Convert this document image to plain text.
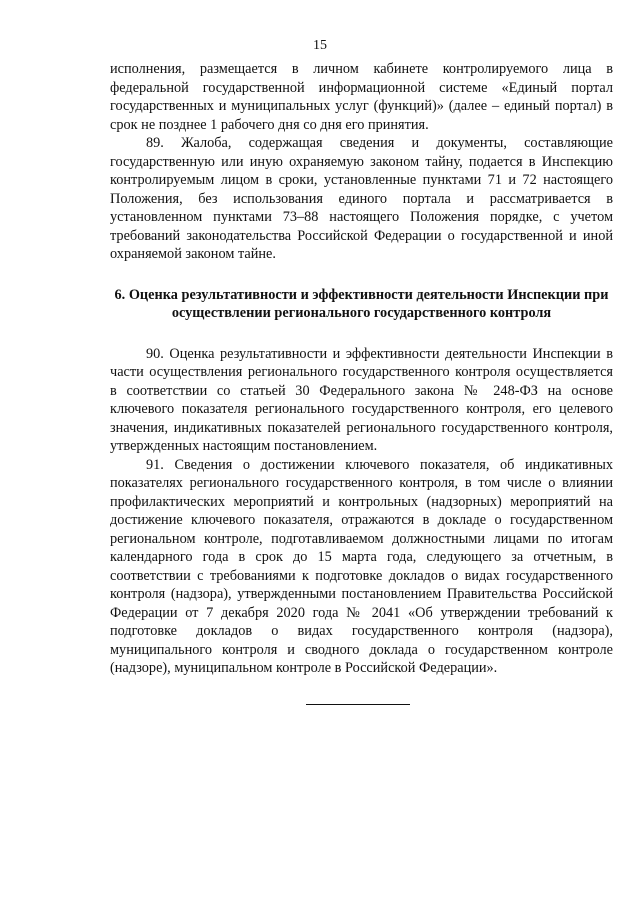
15

исполнения, размещается в личном кабинете контролируемого лица в федеральной государственной информационной системе «Единый портал государственных и муниципальных услуг (функций)» (далее – единый портал) в срок не позднее 1 рабочего дня со дня его принятия.

89. Жалоба, содержащая сведения и документы, составляющие государственную или иную охраняемую законом тайну, подается в Инспекцию контролируемым лицом в сроки, установленные пунктами 71 и 72 настоящего Положения, без использования единого портала и рассматривается в установленном пунктами 73–88 настоящего Положения порядке, с учетом требований законодательства Российской Федерации о государственной и иной охраняемой законом тайне.

6. Оценка результативности и эффективности деятельности Инспекции при осуществлении регионального государственного контроля

90. Оценка результативности и эффективности деятельности Инспекции в части осуществления регионального государственного контроля осуществляется в соответствии со статьей 30 Федерального закона № 248-ФЗ на основе ключевого показателя регионального государственного контроля, его целевого значения, индикативных показателей регионального государственного контроля, утвержденных настоящим постановлением.

91. Сведения о достижении ключевого показателя, об индикативных показателях регионального государственного контроля, в том числе о влиянии профилактических мероприятий и контрольных (надзорных) мероприятий на достижение ключевого показателя, отражаются в докладе о государственном региональном контроле, подготавливаемом должностными лицами по итогам календарного года в срок до 15 марта года, следующего за отчетным, в соответствии с требованиями к подготовке докладов о видах государственного контроля (надзора), утвержденными постановлением Правительства Российской Федерации от 7 декабря 2020 года № 2041 «Об утверждении требований к подготовке докладов о видах государственного контроля (надзора), муниципального контроля и сводного доклада о государственном контроле (надзоре), муниципальном контроле в Российской Федерации».
